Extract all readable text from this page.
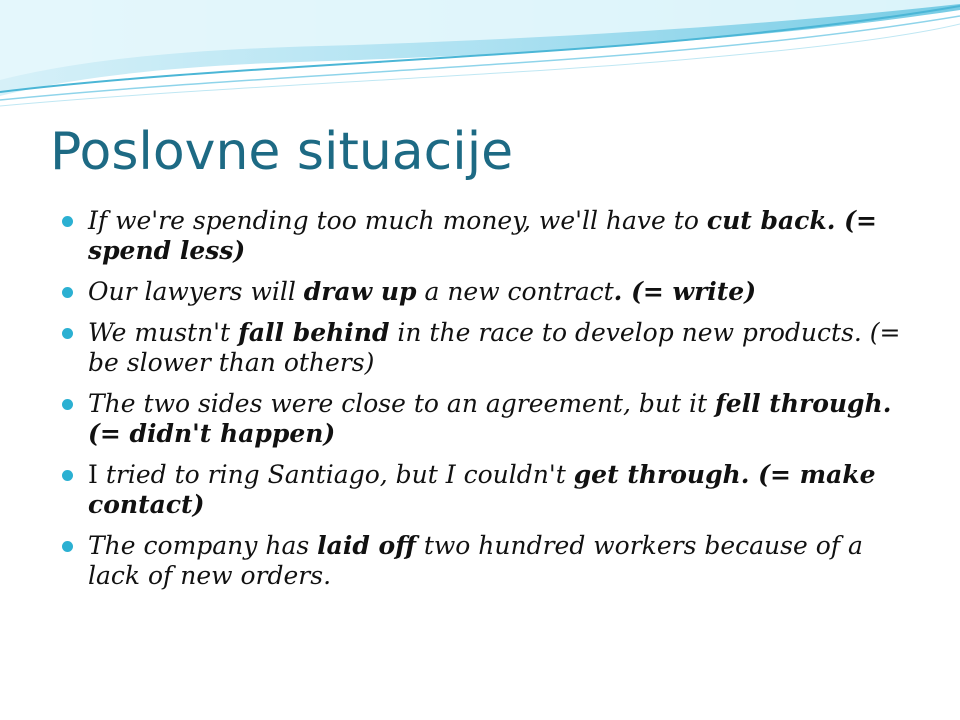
Poslovne situacije
If we're spending too much money, we'll have to cut back. (= spend less)
Our lawyers will draw up a new contract. (= write)
We mustn't fall behind in the race to develop new products. (= be slower than others)
The two sides were close to an agreement, but it fell through. (= didn't happen)
I tried to ring Santiago, but I couldn't get through. (= make contact)
The company has laid off two hundred workers because of a lack of new orders.
